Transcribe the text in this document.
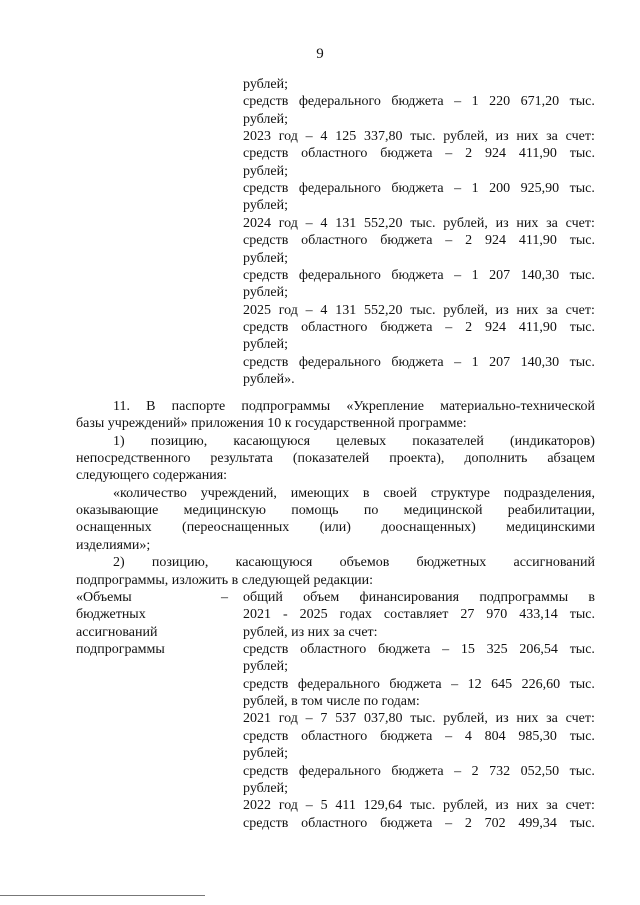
9
рублей;
средств федерального бюджета – 1 220 671,20 тыс.
рублей;
2023 год – 4 125 337,80 тыс. рублей, из них за счет:
средств областного бюджета – 2 924 411,90 тыс.
рублей;
средств федерального бюджета – 1 200 925,90 тыс.
рублей;
2024 год – 4 131 552,20 тыс. рублей, из них за счет:
средств областного бюджета – 2 924 411,90 тыс.
рублей;
средств федерального бюджета – 1 207 140,30 тыс.
рублей;
2025 год – 4 131 552,20 тыс. рублей, из них за счет:
средств областного бюджета – 2 924 411,90 тыс.
рублей;
средств федерального бюджета – 1 207 140,30 тыс.
рублей».
11. В паспорте подпрограммы «Укрепление материально-технической
базы учреждений» приложения 10 к государственной программе:
1) позицию, касающуюся целевых показателей (индикаторов)
непосредственного результата (показателей проекта), дополнить абзацем
следующего содержания:
«количество учреждений, имеющих в своей структуре подразделения,
оказывающие медицинскую помощь по медицинской реабилитации,
оснащенных (переоснащенных (или) дооснащенных) медицинскими
изделиями»;
2) позицию, касающуюся объемов бюджетных ассигнований
подпрограммы, изложить в следующей редакции:
«Объемы
бюджетных
ассигнований
подпрограммы
– общий объем финансирования подпрограммы в
2021 - 2025 годах составляет 27 970 433,14 тыс.
рублей, из них за счет:
средств областного бюджета – 15 325 206,54 тыс.
рублей;
средств федерального бюджета – 12 645 226,60 тыс.
рублей, в том числе по годам:
2021 год – 7 537 037,80 тыс. рублей, из них за счет:
средств областного бюджета – 4 804 985,30 тыс.
рублей;
средств федерального бюджета – 2 732 052,50 тыс.
рублей;
2022 год – 5 411 129,64 тыс. рублей, из них за счет:
средств областного бюджета – 2 702 499,34 тыс.
